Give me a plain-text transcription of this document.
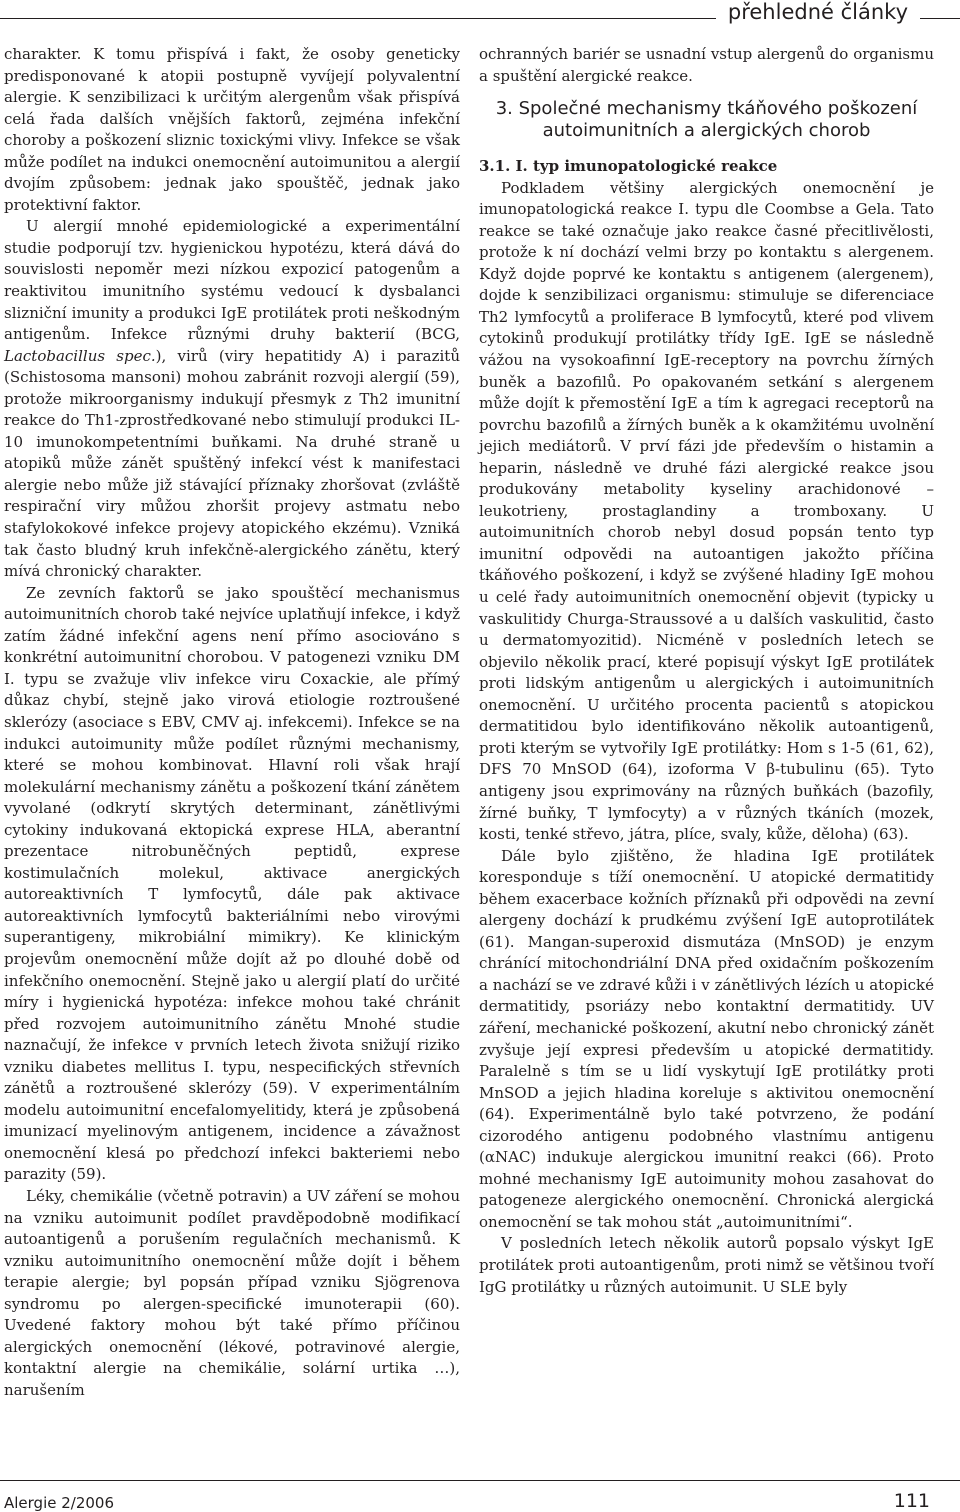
přehledné články

charakter. K tomu přispívá i fakt, že osoby geneticky predisponované k atopii postupně vyvíjejí polyvalentní alergie. K senzibilizaci k určitým alergenům však přispívá celá řada dalších vnějších faktorů, zejména infekční choroby a poškození sliznic toxickými vlivy. Infekce se však může podílet na indukci onemocnění autoimunitou a alergií dvojím způsobem: jednak jako spouštěč, jednak jako protektivní faktor.

U alergií mnohé epidemiologické a experimentální studie podporují tzv. hygienickou hypotézu, která dává do souvislosti nepoměr mezi nízkou expozicí patogenům a reaktivitou imunitního systému vedoucí k dysbalanci slizniční imunity a produkci IgE protilátek proti neškodným antigenům. Infekce různými druhy bakterií (BCG, Lactobacillus spec.), virů (viry hepatitidy A) i parazitů (Schistosoma mansoni) mohou zabránit rozvoji alergií (59), protože mikroorganismy indukují přesmyk z Th2 imunitní reakce do Th1-zprostředkované nebo stimulují produkci IL-10 imunokompetentními buňkami. Na druhé straně u atopiků může zánět spuštěný infekcí vést k manifestaci alergie nebo může již stávající příznaky zhoršovat (zvláště respirační viry můžou zhoršit projevy astmatu nebo stafylokokové infekce projevy atopického ekzému). Vzniká tak často bludný kruh infekčně-alergického zánětu, který mívá chronický charakter.

Ze zevních faktorů se jako spouštěcí mechanismus autoimunitních chorob také nejvíce uplatňují infekce, i když zatím žádné infekční agens není přímo asociováno s konkrétní autoimunitní chorobou. V patogenezi vzniku DM I. typu se zvažuje vliv infekce viru Coxackie, ale přímý důkaz chybí, stejně jako virová etiologie roztroušené sklerózy (asociace s EBV, CMV aj. infekcemi). Infekce se na indukci autoimunity může podílet různými mechanismy, které se mohou kombinovat. Hlavní roli však hrají molekulární mechanismy zánětu a poškození tkání zánětem vyvolané (odkrytí skrytých determinant, zánětlivými cytokiny indukovaná ektopická exprese HLA, aberantní prezentace nitrobuněčných peptidů, exprese kostimulačních molekul, aktivace anergických autoreaktivních T lymfocytů, dále pak aktivace autoreaktivních lymfocytů bakteriálními nebo virovými superantigeny, mikrobiální mimikry). Ke klinickým projevům onemocnění může dojít až po dlouhé době od infekčního onemocnění. Stejně jako u alergií platí do určité míry i hygienická hypotéza: infekce mohou také chránit před rozvojem autoimunitního zánětu Mnohé studie naznačují, že infekce v prvních letech života snižují riziko vzniku diabetes mellitus I. typu, nespecifických střevních zánětů a roztroušené sklerózy (59). V experimentálním modelu autoimunitní encefalomyelitidy, která je způsobená imunizací myelinovým antigenem, incidence a závažnost onemocnění klesá po předchozí infekci bakteriemi nebo parazity (59).

Léky, chemikálie (včetně potravin) a UV záření se mohou na vzniku autoimunit podílet pravděpodobně modifikací autoantigenů a porušením regulačních mechanismů. K vzniku autoimunitního onemocnění může dojít i během terapie alergie; byl popsán případ vzniku Sjögrenova syndromu po alergen-specifické imunoterapii (60). Uvedené faktory mohou být také přímo příčinou alergických onemocnění (lékové, potravinové alergie, kontaktní alergie na chemikálie, solární urtika …), narušením

ochranných bariér se usnadní vstup alergenů do organismu a spuštění alergické reakce.

3. Společné mechanismy tkáňového poškození autoimunitních a alergických chorob

3.1. I. typ imunopatologické reakce

Podkladem většiny alergických onemocnění je imunopatologická reakce I. typu dle Coombse a Gela. Tato reakce se také označuje jako reakce časné přecitlivělosti, protože k ní dochází velmi brzy po kontaktu s alergenem. Když dojde poprvé ke kontaktu s antigenem (alergenem), dojde k senzibilizaci organismu: stimuluje se diferenciace Th2 lymfocytů a proliferace B lymfocytů, které pod vlivem cytokinů produkují protilátky třídy IgE. IgE se následně vážou na vysokoafinní IgE-receptory na povrchu žírných buněk a bazofilů. Po opakovaném setkání s alergenem může dojít k přemostění IgE a tím k agregaci receptorů na povrchu bazofilů a žírných buněk a k okamžitému uvolnění jejich mediátorů. V prví fázi jde především o histamin a heparin, následně ve druhé fázi alergické reakce jsou produkovány metabolity kyseliny arachidonové – leukotrieny, prostaglandiny a tromboxany. U autoimunitních chorob nebyl dosud popsán tento typ imunitní odpovědi na autoantigen jakožto příčina tkáňového poškození, i když se zvýšené hladiny IgE mohou u celé řady autoimunitních onemocnění objevit (typicky u vaskulitidy Churga-Straussové a u dalších vaskulitid, často u dermatomyozitid). Nicméně v posledních letech se objevilo několik prací, které popisují výskyt IgE protilátek proti lidským antigenům u alergických i autoimunitních onemocnění. U určitého procenta pacientů s atopickou dermatitidou bylo identifikováno několik autoantigenů, proti kterým se vytvořily IgE protilátky: Hom s 1-5 (61, 62), DFS 70 MnSOD (64), izoforma V β-tubulinu (65). Tyto antigeny jsou exprimovány na různých buňkách (bazofily, žírné buňky, T lymfocyty) a v různých tkáních (mozek, kosti, tenké střevo, játra, plíce, svaly, kůže, děloha) (63).

Dále bylo zjištěno, že hladina IgE protilátek koresponduje s tíží onemocnění. U atopické dermatitidy během exacerbace kožních příznaků při odpovědi na zevní alergeny dochází k prudkému zvýšení IgE autoprotilátek (61). Mangan-superoxid dismutáza (MnSOD) je enzym chránící mitochondriální DNA před oxidačním poškozením a nachází se ve zdravé kůži i v zánětlivých lézích u atopické dermatitidy, psoriázy nebo kontaktní dermatitidy. UV záření, mechanické poškození, akutní nebo chronický zánět zvyšuje její expresi především u atopické dermatitidy. Paralelně s tím se u lidí vyskytují IgE protilátky proti MnSOD a jejich hladina koreluje s aktivitou onemocnění (64). Experimentálně bylo také potvrzeno, že podání cizorodého antigenu podobného vlastnímu antigenu (αNAC) indukuje alergickou imunitní reakci (66). Proto mohné mechanismy IgE autoimunity mohou zasahovat do patogeneze alergického onemocnění. Chronická alergická onemocnění se tak mohou stát „autoimunitními“.

V posledních letech několik autorů popsalo výskyt IgE protilátek proti autoantigenům, proti nimž se většinou tvoří IgG protilátky u různých autoimunit. U SLE byly

Alergie 2/2006	111
